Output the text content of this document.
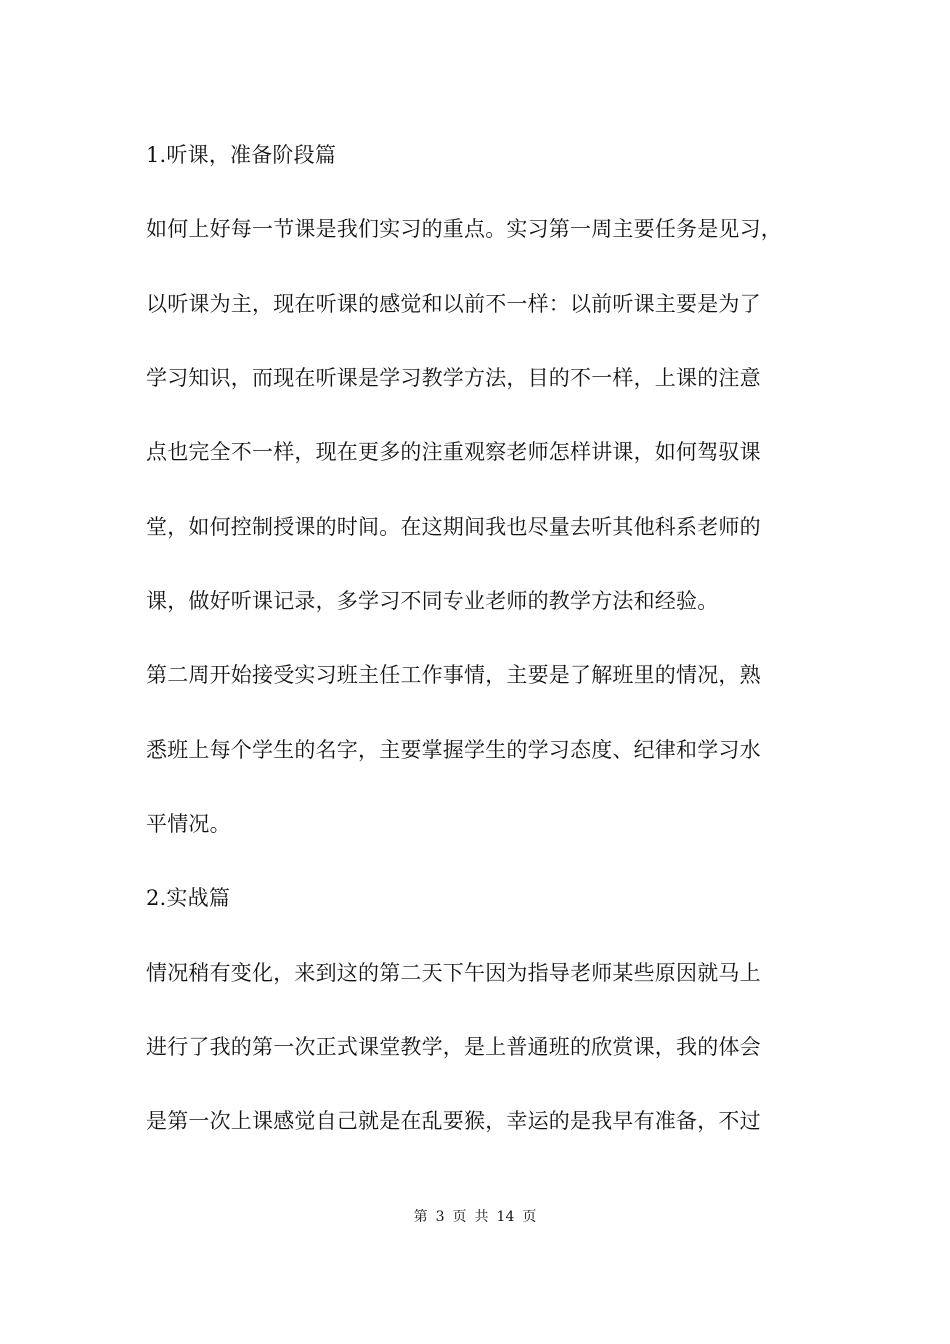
1.听课，准备阶段篇
如何上好每一节课是我们实习的重点。实习第一周主要任务是见习，
以听课为主，现在听课的感觉和以前不一样：以前听课主要是为了
学习知识，而现在听课是学习教学方法，目的不一样，上课的注意
点也完全不一样，现在更多的注重观察老师怎样讲课，如何驾驭课
堂，如何控制授课的时间。在这期间我也尽量去听其他科系老师的
课，做好听课记录，多学习不同专业老师的教学方法和经验。
第二周开始接受实习班主任工作事情，主要是了解班里的情况，熟
悉班上每个学生的名字，主要掌握学生的学习态度、纪律和学习水
平情况。
2.实战篇
情况稍有变化，来到这的第二天下午因为指导老师某些原因就马上
进行了我的第一次正式课堂教学，是上普通班的欣赏课，我的体会
是第一次上课感觉自己就是在乱要猴，幸运的是我早有准备，不过
第 3 页 共 14 页
